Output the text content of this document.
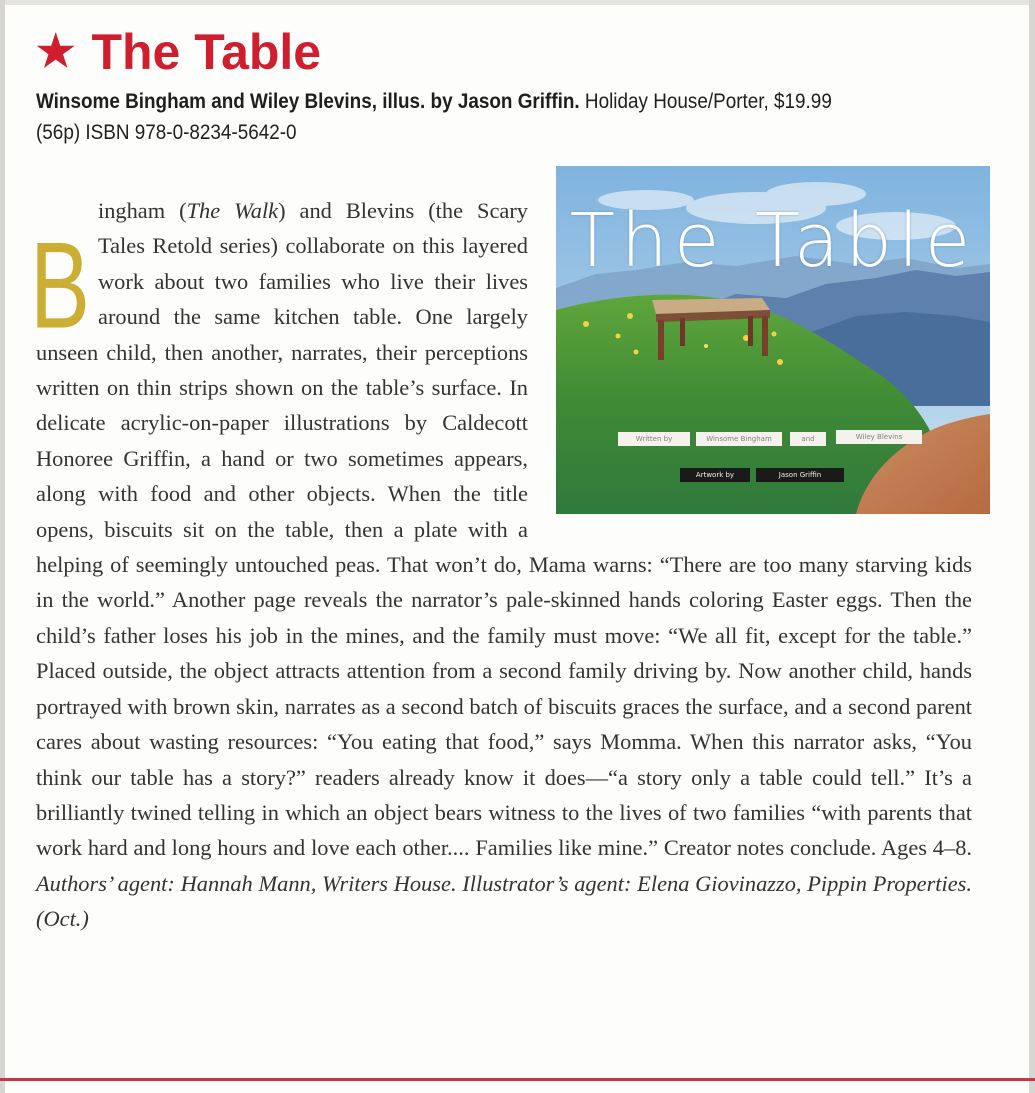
★ The Table
Winsome Bingham and Wiley Blevins, illus. by Jason Griffin. Holiday House/Porter, $19.99 (56p) ISBN 978-0-8234-5642-0

B
ingham (The Walk) and Blevins (the Scary Tales Retold series) collaborate on this layered work about two families who live their lives around the same kitchen table. One largely unseen child, then another, narrates, their perceptions written on thin strips shown on the table’s surface. In delicate acrylic-on-paper illustrations by Caldecott Honoree Griffin, a hand or two sometimes appears, along with food and other objects. When the title opens, biscuits sit on the table, then a plate with a helping of seemingly untouched peas. That won’t do, Mama warns: “There are too many starving kids in the world.” Another page reveals the narrator’s pale-skinned hands coloring Easter eggs. Then the child’s father loses his job in the mines, and the family must move: “We all fit, except for the table.” Placed outside, the object attracts attention from a second family driving by. Now another child, hands portrayed with brown skin, narrates as a second batch of biscuits graces the surface, and a second parent cares about wasting resources: “You eating that food,” says Momma. When this narrator asks, “You think our table has a story?” readers already know it does—“a story only a table could tell.” It’s a brilliantly twined telling in which an object bears witness to the lives of two families “with parents that work hard and long hours and love each other.... Families like mine.” Creator notes conclude. Ages 4–8. Authors’ agent: Hannah Mann, Writers House. Illustrator’s agent: Elena Giovinazzo, Pippin Properties. (Oct.)

The Table
Written by	Winsome Bingham	and	Wiley Blevins
Artwork by	Jason Griffin
